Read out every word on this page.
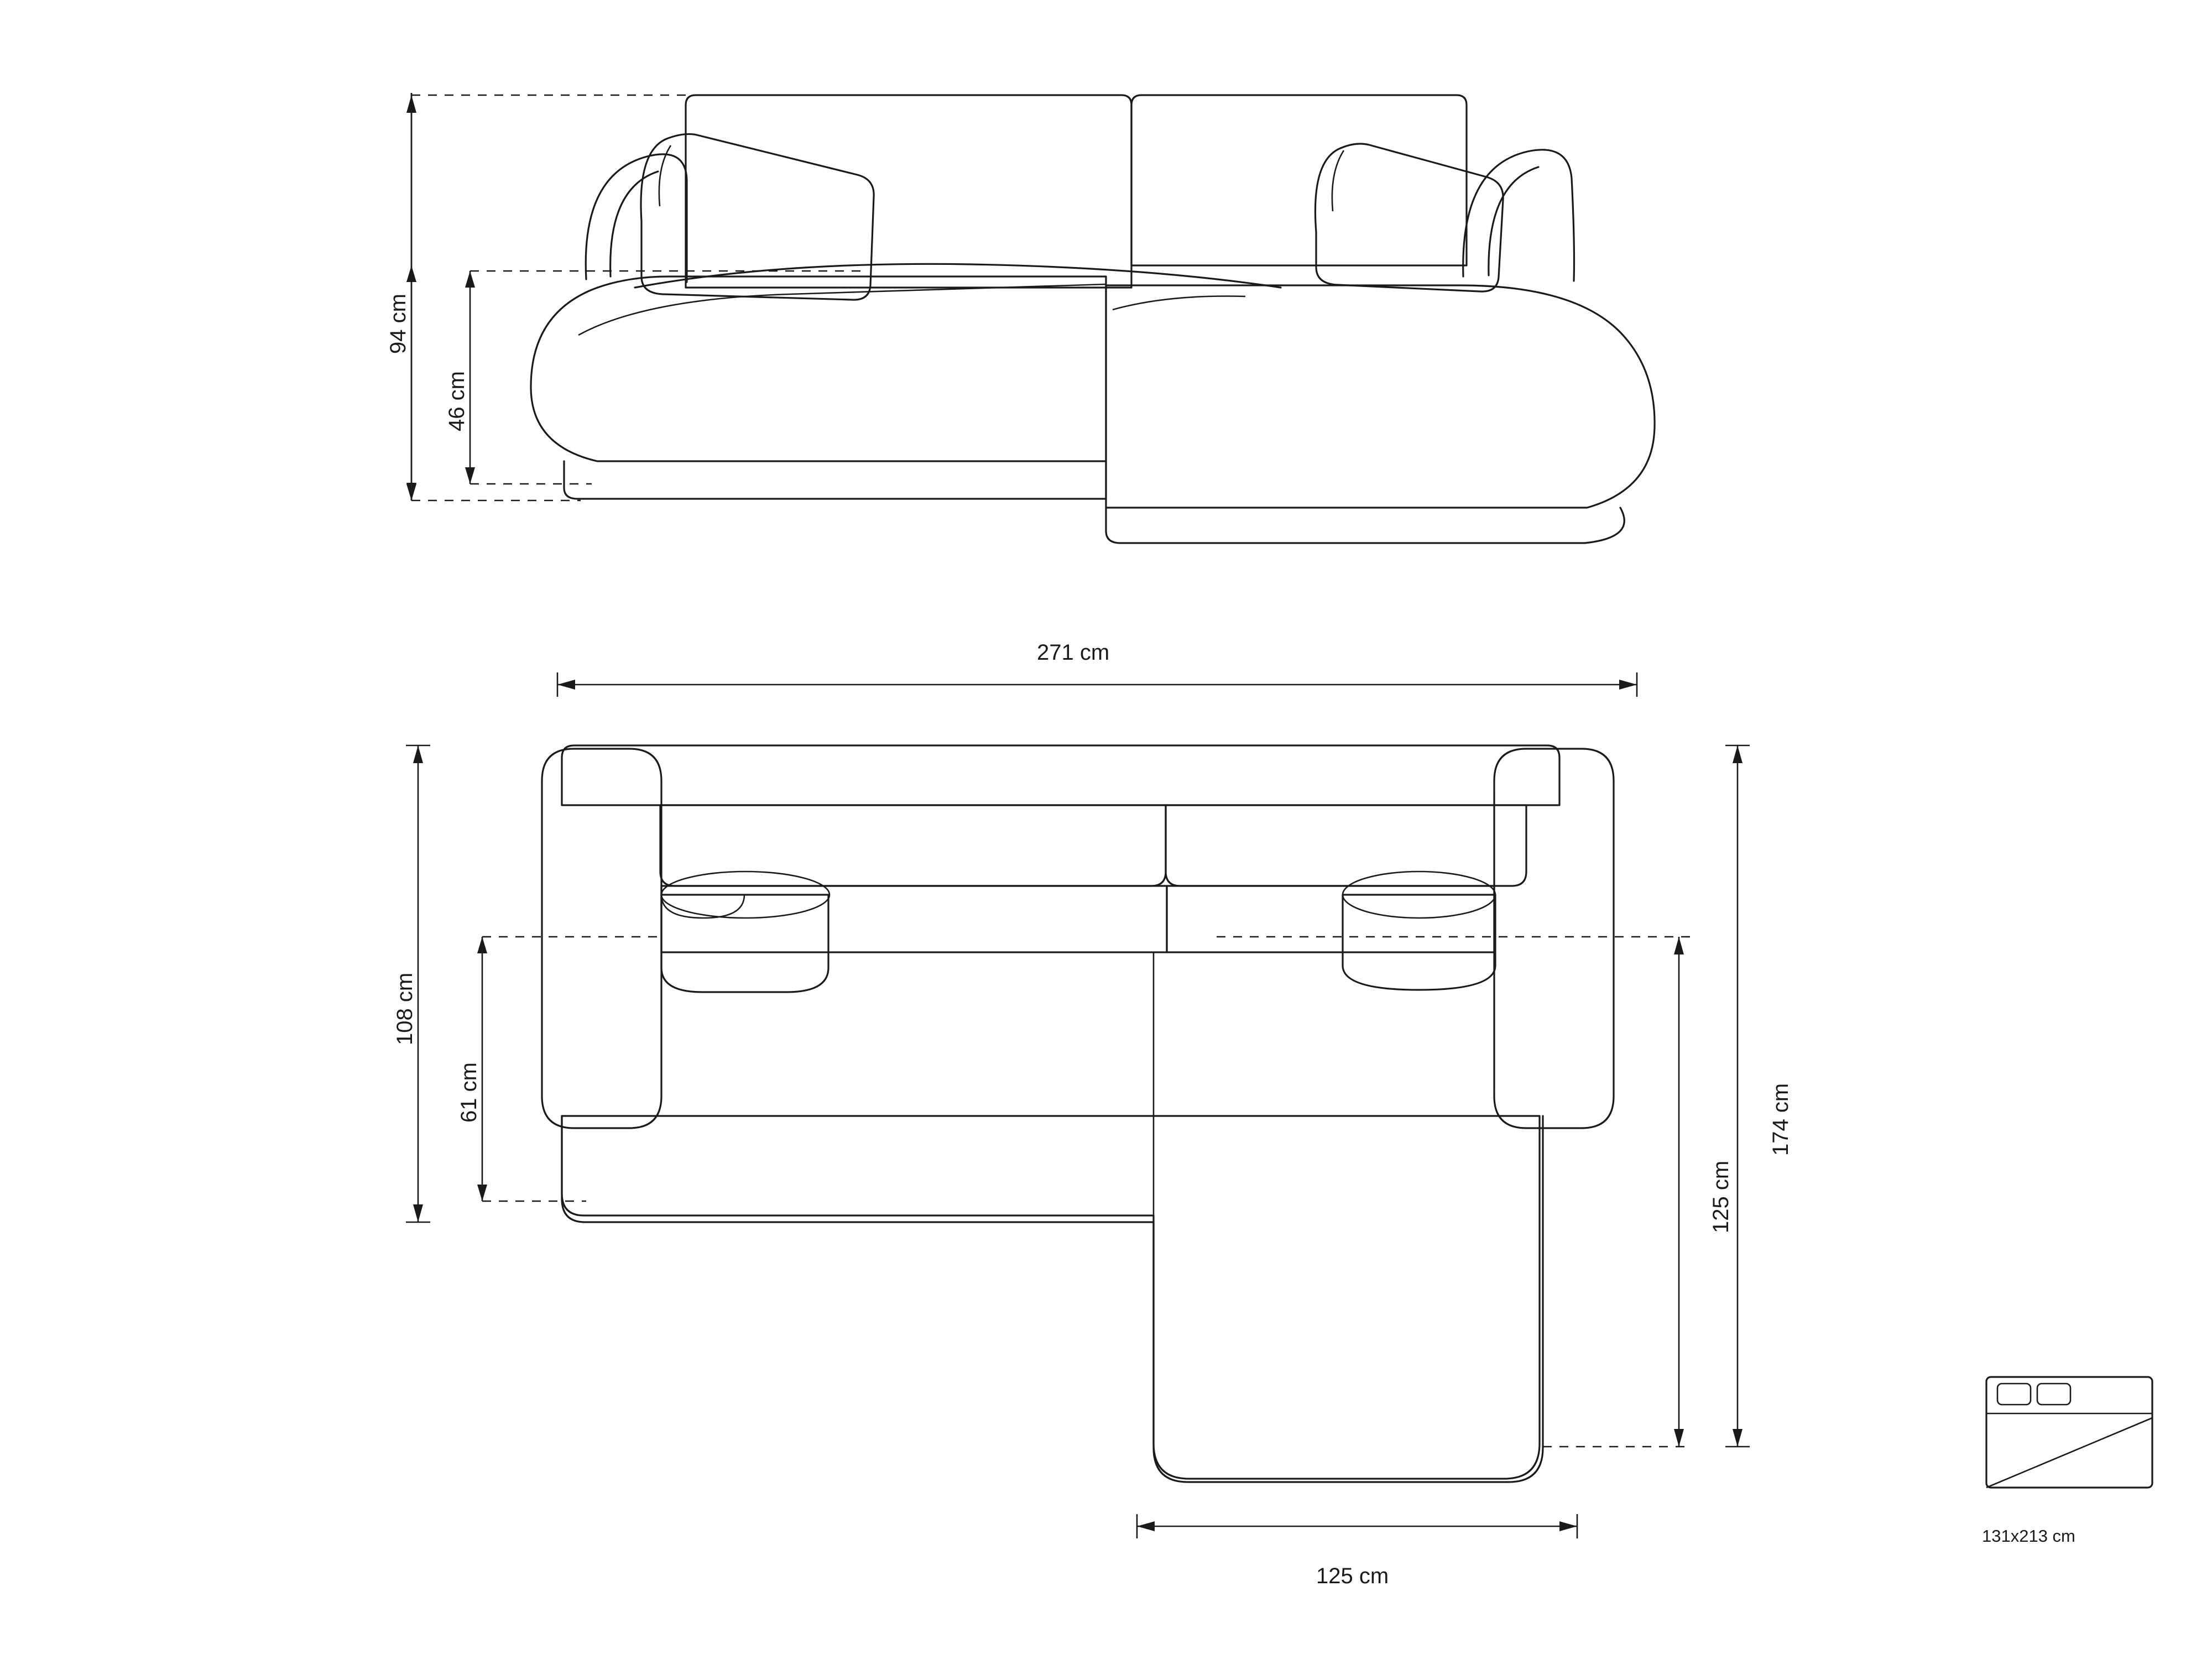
94 cm
46 cm
271 cm
108 cm
61 cm	174 cm
125 cm
125 cm
131x213 cm
